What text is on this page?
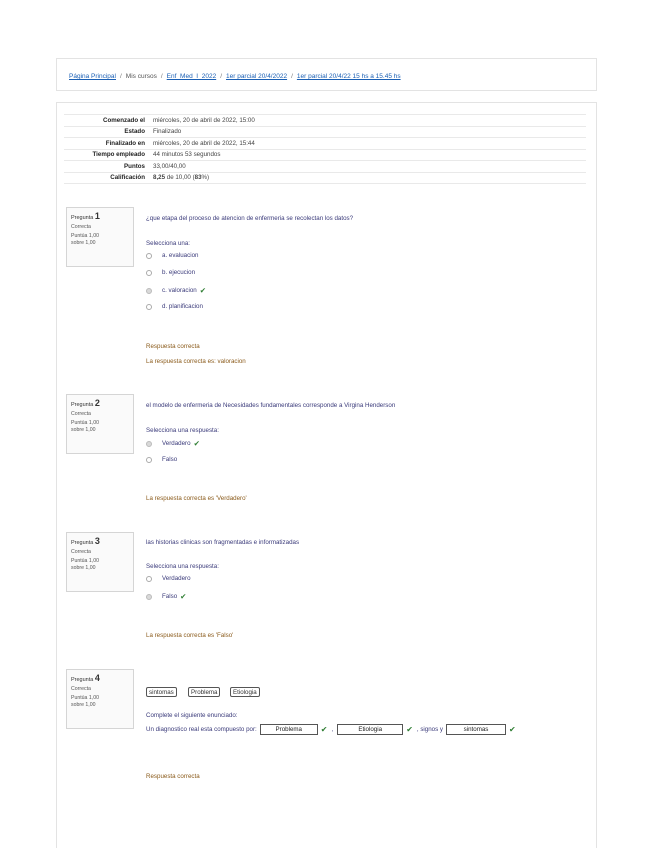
Página Principal / Mis cursos / Enf_Med_I_2022 / 1er parcial 20/4/2022 / 1er parcial 20/4/22 15 hs a 15.45 hs
Comenzado el	miércoles, 20 de abril de 2022, 15:00
Estado	Finalizado
Finalizado en	miércoles, 20 de abril de 2022, 15:44
Tiempo empleado	44 minutos 53 segundos
Puntos	33,00/40,00
Calificación	8,25 de 10,00 (83%)
Pregunta 1
Correcta
Puntúa 1,00
sobre 1,00
¿que etapa del proceso de atencion de enfermeria se recolectan los datos?
Selecciona una:
a. evaluacion
b. ejecucion
c. valoracion ✔
d. planificacion
Respuesta correcta
La respuesta correcta es: valoracion
Pregunta 2
Correcta
Puntúa 1,00
sobre 1,00
el modelo de enfermeria de Necesidades fundamentales corresponde a Virgina Henderson
Selecciona una respuesta:
Verdadero ✔
Falso
La respuesta correcta es 'Verdadero'
Pregunta 3
Correcta
Puntúa 1,00
sobre 1,00
las historias clinicas son fragmentadas e informatizadas
Selecciona una respuesta:
Verdadero
Falso ✔
La respuesta correcta es 'Falso'
Pregunta 4
Correcta
Puntúa 1,00
sobre 1,00
sintomas	Problema	Etiologia
Complete el siguiente enunciado:
Un diagnostico real esta compuesto por:	Problema	✔ ,	Etiologia	✔ , signos y	sintomas	✔
Respuesta correcta
